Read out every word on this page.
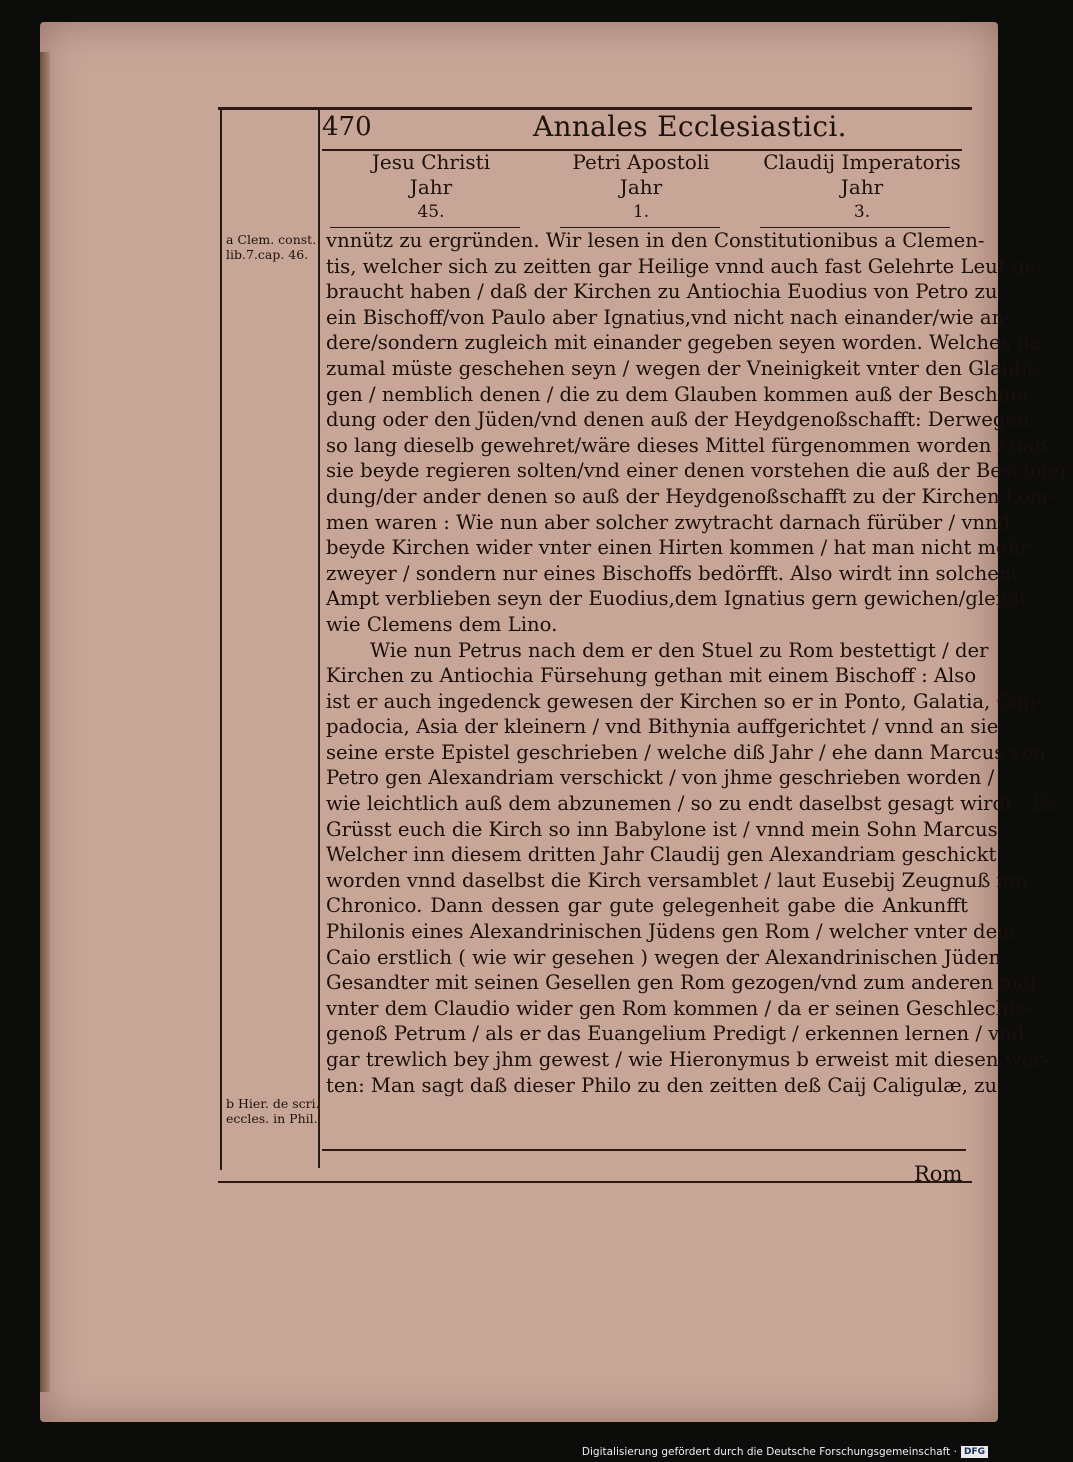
470	Annales Ecclesiastici.
Jesu Christi
Jahr
45.
Petri Apostoli
Jahr
1.
Claudij Imperatoris
Jahr
3.
a Clem. const.
lib.7.cap. 46.
b Hier. de scri.
eccles. in Phil.
vnnütz zu ergründen. Wir lesen in den Constitutionibus a Clemen-
tis, welcher sich zu zeitten gar Heilige vnnd auch fast Gelehrte Leut ge-
braucht haben / daß der Kirchen zu Antiochia Euodius von Petro zu
ein Bischoff/von Paulo aber Ignatius,vnd nicht nach einander/wie an-
dere/sondern zugleich mit einander gegeben seyen worden. Welches da-
zumal müste geschehen seyn / wegen der Vneinigkeit vnter den Glaubi-
gen / nemblich denen / die zu dem Glauben kommen auß der Beschnei-
dung oder den Jüden/vnd denen auß der Heydgenoßschafft: Derwegen
so lang dieselb gewehret/wäre dieses Mittel fürgenommen worden / daß
sie beyde regieren solten/vnd einer denen vorstehen die auß der Beschnei-
dung/der ander denen so auß der Heydgenoßschafft zu der Kirchen kom-
men waren : Wie nun aber solcher zwytracht darnach fürüber / vnnd
beyde Kirchen wider vnter einen Hirten kommen / hat man nicht mehr
zweyer / sondern nur eines Bischoffs bedörfft. Also wirdt inn solchem
Ampt verblieben seyn der Euodius,dem Ignatius gern gewichen/gleich
wie Clemens dem Lino.
Wie nun Petrus nach dem er den Stuel zu Rom bestettigt / der
Kirchen zu Antiochia Fürsehung gethan mit einem Bischoff : Also
ist er auch ingedenck gewesen der Kirchen so er in Ponto, Galatia, Cap-
padocia, Asia der kleinern / vnd Bithynia auffgerichtet / vnnd an sie
seine erste Epistel geschrieben / welche diß Jahr / ehe dann Marcus von
Petro gen Alexandriam verschickt / von jhme geschrieben worden /
wie leichtlich auß dem abzunemen / so zu endt daselbst gesagt wirdt : Es
Grüsst euch die Kirch so inn Babylone ist / vnnd mein Sohn Marcus.
Welcher inn diesem dritten Jahr Claudij gen Alexandriam geschickt
worden vnnd daselbst die Kirch versamblet / laut Eusebij Zeugnuß inn
Chronico. Dann dessen gar gute gelegenheit gabe die Ankunfft
Philonis eines Alexandrinischen Jüdens gen Rom / welcher vnter dem
Caio erstlich ( wie wir gesehen ) wegen der Alexandrinischen Jüden
Gesandter mit seinen Gesellen gen Rom gezogen/vnd zum anderen mal
vnter dem Claudio wider gen Rom kommen / da er seinen Geschlechts-
genoß Petrum / als er das Euangelium Predigt / erkennen lernen / vnd
gar trewlich bey jhm gewest / wie Hieronymus b erweist mit diesen wor-
ten: Man sagt daß dieser Philo zu den zeitten deß Caij Caligulæ, zu
Rom
Digitalisierung gefördert durch die Deutsche Forschungsgemeinschaft · DFG
